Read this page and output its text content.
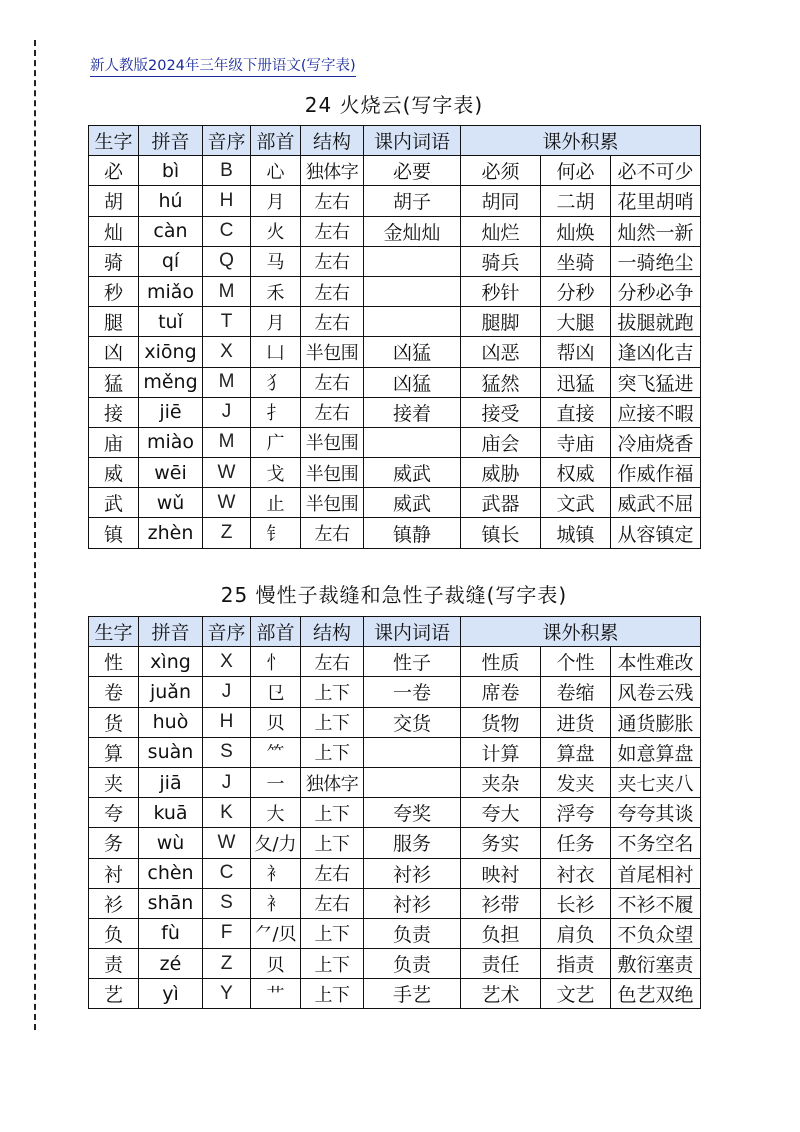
新人教版2024年三年级下册语文(写字表)
24 火烧云(写字表)
生字	拼音	音序	部首	结构	课内词语	课外积累		
必	bì	B	心	独体字	必要	必须	何必	必不可少
胡	hú	H	月	左右	胡子	胡同	二胡	花里胡哨
灿	càn	C	火	左右	金灿灿	灿烂	灿焕	灿然一新
骑	qí	Q	马	左右		骑兵	坐骑	一骑绝尘
秒	miǎo	M	禾	左右		秒针	分秒	分秒必争
腿	tuǐ	T	月	左右		腿脚	大腿	拔腿就跑
凶	xiōng	X	凵	半包围	凶猛	凶恶	帮凶	逢凶化吉
猛	měng	M	犭	左右	凶猛	猛然	迅猛	突飞猛进
接	jiē	J	扌	左右	接着	接受	直接	应接不暇
庙	miào	M	广	半包围		庙会	寺庙	冷庙烧香
威	wēi	W	戈	半包围	威武	威胁	权威	作威作福
武	wǔ	W	止	半包围	威武	武器	文武	威武不屈
镇	zhèn	Z	钅	左右	镇静	镇长	城镇	从容镇定
25 慢性子裁缝和急性子裁缝(写字表)
生字	拼音	音序	部首	结构	课内词语	课外积累		
性	xìng	X	忄	左右	性子	性质	个性	本性难改
卷	juǎn	J	㔾	上下	一卷	席卷	卷缩	风卷云残
货	huò	H	贝	上下	交货	货物	进货	通货膨胀
算	suàn	S	⺮	上下		计算	算盘	如意算盘
夹	jiā	J	一	独体字		夹杂	发夹	夹七夹八
夸	kuā	K	大	上下	夸奖	夸大	浮夸	夸夸其谈
务	wù	W	夂/力	上下	服务	务实	任务	不务空名
衬	chèn	C	衤	左右	衬衫	映衬	衬衣	首尾相衬
衫	shān	S	衤	左右	衬衫	衫带	长衫	不衫不履
负	fù	F	⺈/贝	上下	负责	负担	肩负	不负众望
责	zé	Z	贝	上下	负责	责任	指责	敷衍塞责
艺	yì	Y	艹	上下	手艺	艺术	文艺	色艺双绝
